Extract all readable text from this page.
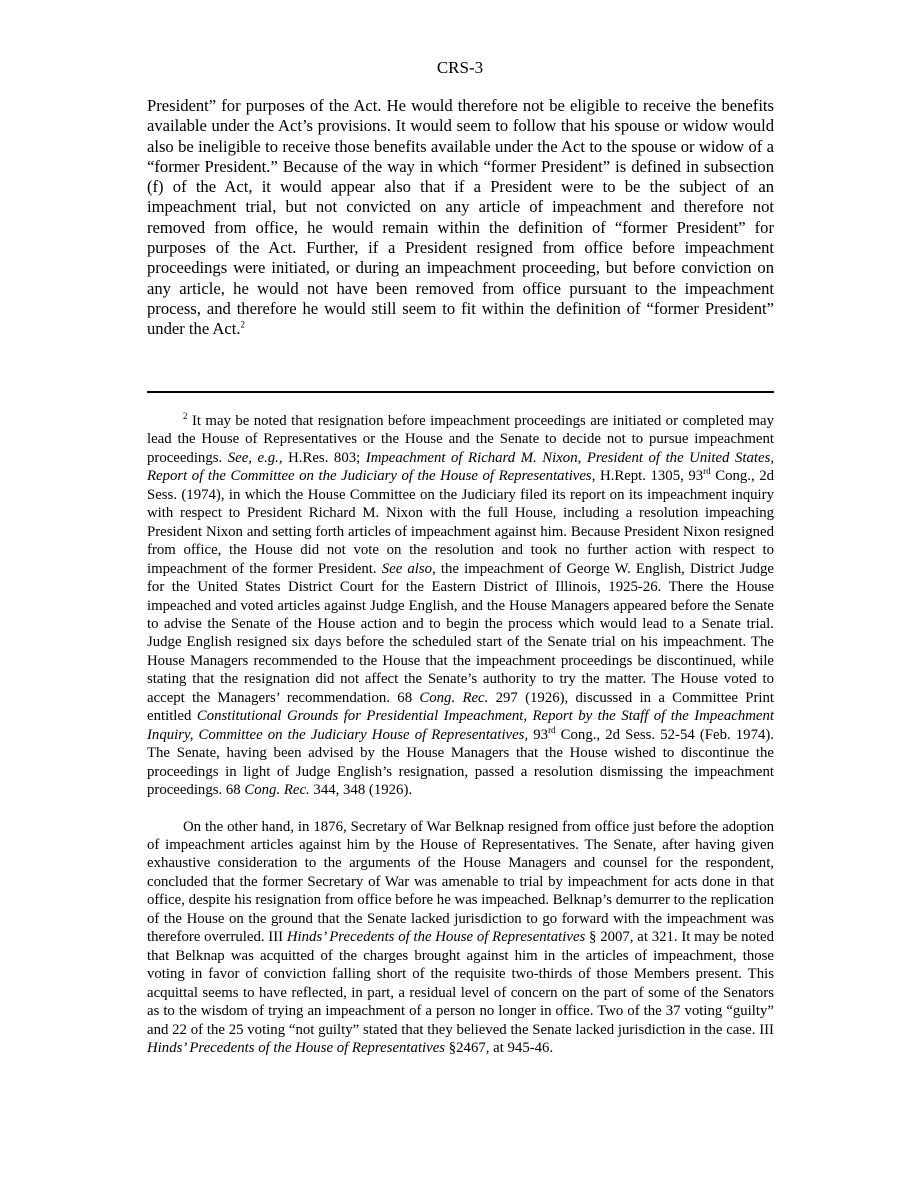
CRS-3
President” for purposes of the Act. He would therefore not be eligible to receive the benefits available under the Act’s provisions. It would seem to follow that his spouse or widow would also be ineligible to receive those benefits available under the Act to the spouse or widow of a “former President.” Because of the way in which “former President” is defined in subsection (f) of the Act, it would appear also that if a President were to be the subject of an impeachment trial, but not convicted on any article of impeachment and therefore not removed from office, he would remain within the definition of “former President” for purposes of the Act. Further, if a President resigned from office before impeachment proceedings were initiated, or during an impeachment proceeding, but before conviction on any article, he would not have been removed from office pursuant to the impeachment process, and therefore he would still seem to fit within the definition of “former President” under the Act.$^2$

$^2$ It may be noted that resignation before impeachment proceedings are initiated or completed may lead the House of Representatives or the House and the Senate to decide not to pursue impeachment proceedings. See, e.g., H.Res. 803; Impeachment of Richard M. Nixon, President of the United States, Report of the Committee on the Judiciary of the House of Representatives, H.Rept. 1305, 93rd Cong., 2d Sess. (1974), in which the House Committee on the Judiciary filed its report on its impeachment inquiry with respect to President Richard M. Nixon with the full House, including a resolution impeaching President Nixon and setting forth articles of impeachment against him. Because President Nixon resigned from office, the House did not vote on the resolution and took no further action with respect to impeachment of the former President. See also, the impeachment of George W. English, District Judge for the United States District Court for the Eastern District of Illinois, 1925-26. There the House impeached and voted articles against Judge English, and the House Managers appeared before the Senate to advise the Senate of the House action and to begin the process which would lead to a Senate trial. Judge English resigned six days before the scheduled start of the Senate trial on his impeachment. The House Managers recommended to the House that the impeachment proceedings be discontinued, while stating that the resignation did not affect the Senate’s authority to try the matter. The House voted to accept the Managers’ recommendation. 68 Cong. Rec. 297 (1926), discussed in a Committee Print entitled Constitutional Grounds for Presidential Impeachment, Report by the Staff of the Impeachment Inquiry, Committee on the Judiciary House of Representatives, 93rd Cong., 2d Sess. 52-54 (Feb. 1974). The Senate, having been advised by the House Managers that the House wished to discontinue the proceedings in light of Judge English’s resignation, passed a resolution dismissing the impeachment proceedings. 68 Cong. Rec. 344, 348 (1926).

On the other hand, in 1876, Secretary of War Belknap resigned from office just before the adoption of impeachment articles against him by the House of Representatives. The Senate, after having given exhaustive consideration to the arguments of the House Managers and counsel for the respondent, concluded that the former Secretary of War was amenable to trial by impeachment for acts done in that office, despite his resignation from office before he was impeached. Belknap’s demurrer to the replication of the House on the ground that the Senate lacked jurisdiction to go forward with the impeachment was therefore overruled. III Hinds’ Precedents of the House of Representatives § 2007, at 321. It may be noted that Belknap was acquitted of the charges brought against him in the articles of impeachment, those voting in favor of conviction falling short of the requisite two-thirds of those Members present. This acquittal seems to have reflected, in part, a residual level of concern on the part of some of the Senators as to the wisdom of trying an impeachment of a person no longer in office. Two of the 37 voting “guilty” and 22 of the 25 voting “not guilty” stated that they believed the Senate lacked jurisdiction in the case. III Hinds’ Precedents of the House of Representatives §2467, at 945-46.
